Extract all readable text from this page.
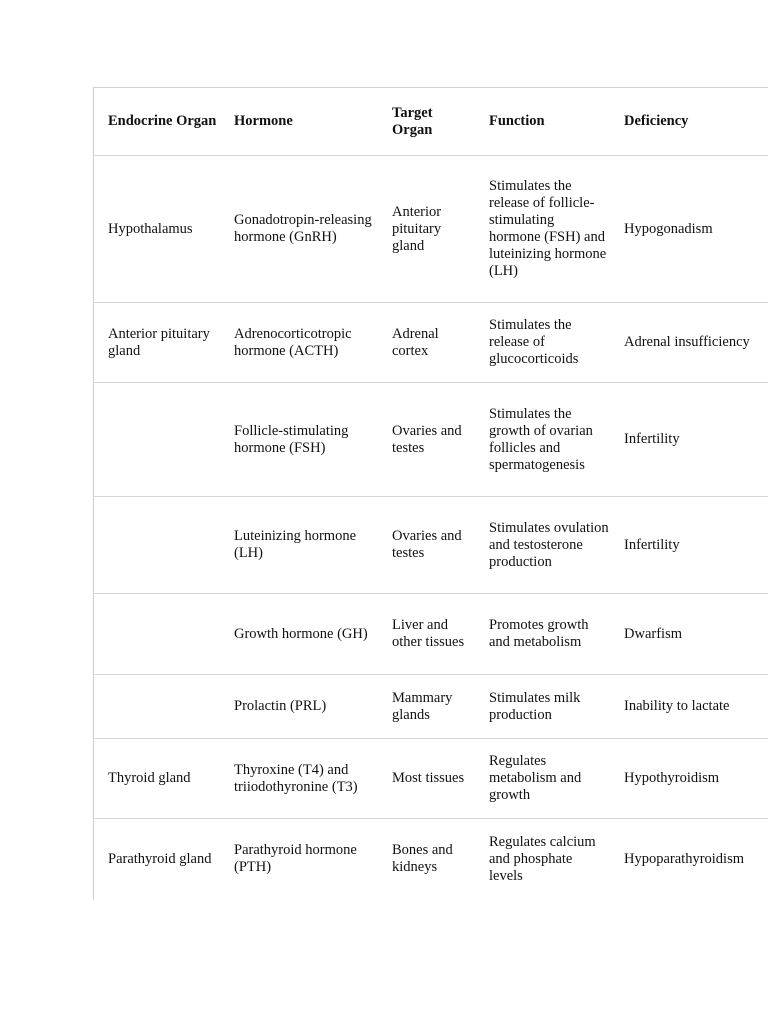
Endocrine Organ	Hormone	Target Organ	Function	Deficiency
Hypothalamus	Gonadotropin-releasing hormone (GnRH)	Anterior pituitary gland	Stimulates the release of follicle-stimulating hormone (FSH) and luteinizing hormone (LH)	Hypogonadism
Anterior pituitary gland	Adrenocorticotropic hormone (ACTH)	Adrenal cortex	Stimulates the release of glucocorticoids	Adrenal insufficiency
	Follicle-stimulating hormone (FSH)	Ovaries and testes	Stimulates the growth of ovarian follicles and spermatogenesis	Infertility
	Luteinizing hormone (LH)	Ovaries and testes	Stimulates ovulation and testosterone production	Infertility
	Growth hormone (GH)	Liver and other tissues	Promotes growth and metabolism	Dwarfism
	Prolactin (PRL)	Mammary glands	Stimulates milk production	Inability to lactate
Thyroid gland	Thyroxine (T4) and triiodothyronine (T3)	Most tissues	Regulates metabolism and growth	Hypothyroidism
Parathyroid gland	Parathyroid hormone (PTH)	Bones and kidneys	Regulates calcium and phosphate levels	Hypoparathyroidism
